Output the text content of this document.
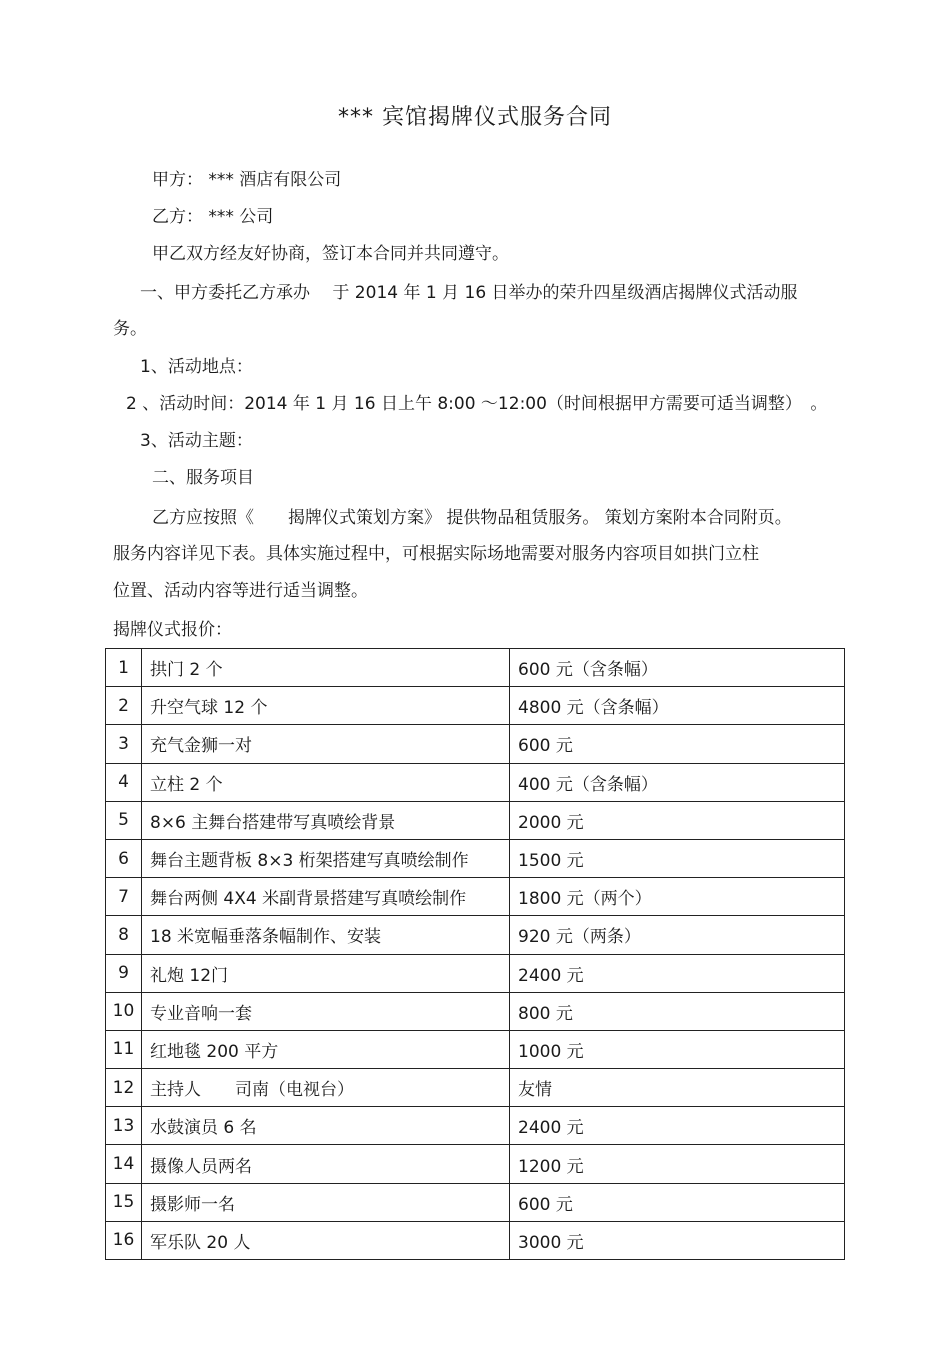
*** 宾馆揭牌仪式服务合同
甲方： *** 酒店有限公司
乙方： *** 公司
甲乙双方经友好协商，签订本合同并共同遵守。
一、甲方委托乙方承办　 于 2014 年 1 月 16 日举办的荣升四星级酒店揭牌仪式活动服
务。
1、活动地点：
2 、活动时间：2014 年 1 月 16 日上午 8:00 ～12:00（时间根据甲方需要可适当调整）　。
3、活动主题：
二、服务项目
乙方应按照《　　揭牌仪式策划方案》 提供物品租赁服务。 策划方案附本合同附页。
服务内容详见下表。具体实施过程中，可根据实际场地需要对服务内容项目如拱门立柱
位置、活动内容等进行适当调整。
揭牌仪式报价：
1	拱门 2 个	600 元（含条幅）
2	升空气球 12 个	4800 元（含条幅）
3	充气金狮一对	600 元
4	立柱 2 个	400 元（含条幅）
5	8×6 主舞台搭建带写真喷绘背景	2000 元
6	舞台主题背板 8×3 桁架搭建写真喷绘制作	1500 元
7	舞台两侧 4X4 米副背景搭建写真喷绘制作	1800 元（两个）
8	18 米宽幅垂落条幅制作、安装	920 元（两条）
9	礼炮 12门	2400 元
10	专业音响一套	800 元
11	红地毯 200 平方	1000 元
12	主持人　　司南（电视台）	友情
13	水鼓演员 6 名	2400 元
14	摄像人员两名	1200 元
15	摄影师一名	600 元
16	军乐队 20 人	3000 元
